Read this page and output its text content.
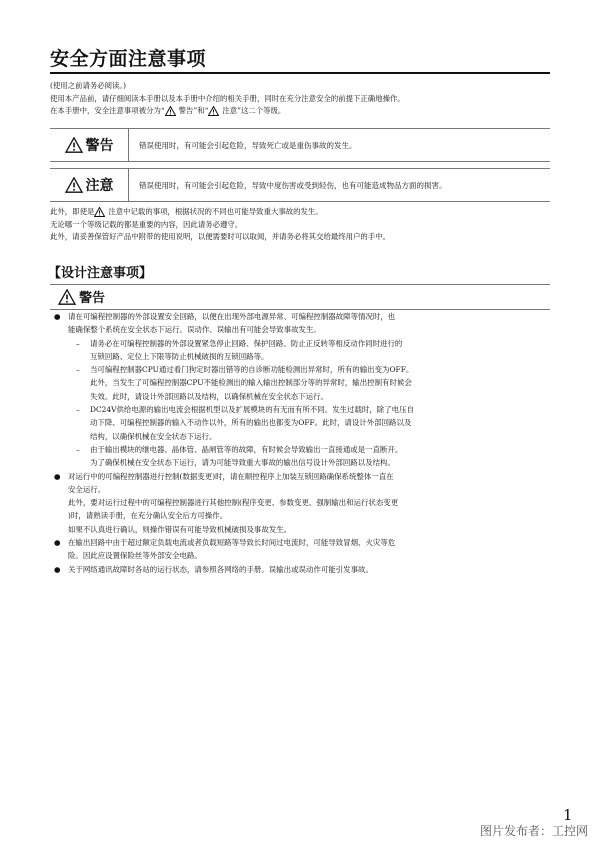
安全方面注意事项

(使用之前请务必阅读。)

使用本产品前，请仔细阅读本手册以及本手册中介绍的相关手册，同时在充分注意安全的前提下正确地操作。

在本手册中，安全注意事项被分为“ 警告”和“ 注意”这二个等级。

警告	错误使用时，有可能会引起危险，导致死亡或是重伤事故的发生。
注意	错误使用时，有可能会引起危险，导致中度伤害或受到轻伤，也有可能造成物品方面的损害。

此外，即使是 注意中记载的事项，根据状况的不同也可能导致重大事故的发生。

无论哪一个等级记载的都是重要的内容，因此请务必遵守。

此外，请妥善保管好产品中附带的使用说明，以便需要时可以取阅，并请务必将其交给最终用户的手中。

【设计注意事项】
警告
● 请在可编程控制器的外部设置安全回路，以便在出现外部电源异常、可编程控制器故障等情况时，也
能确保整个系统在安全状态下运行。误动作、误输出有可能会导致事故发生。
– 请务必在可编程控制器的外部设置紧急停止回路、保护回路、防止正反转等相反动作同时进行的
互锁回路、定位上下限等防止机械破损的互锁回路等。
– 当可编程控制器CPU通过看门狗定时器出错等的自诊断功能检测出异常时，所有的输出变为OFF。
此外，当发生了可编程控制器CPU不能检测出的输入输出控制部分等的异常时，输出控制有时候会
失效。此时，请设计外部回路以及结构，以确保机械在安全状态下运行。
– DC24V供给电源的输出电流会根据机型以及扩展模块的有无而有所不同。发生过载时，除了电压自
动下降、可编程控制器的输入不动作以外，所有的输出也都变为OFF。此时，请设计外部回路以及
结构，以确保机械在安全状态下运行。
– 由于输出模块的继电器、晶体管、晶闸管等的故障，有时候会导致输出一直接通或是一直断开。
为了确保机械在安全状态下运行，请为可能导致重大事故的输出信号设计外部回路以及结构。
● 对运行中的可编程控制器进行控制(数据变更)时，请在顺控程序上加装互锁回路确保系统整体一直在
安全运行。
此外，要对运行过程中的可编程控制器进行其他控制(程序变更、参数变更、强制输出和运行状态变更
)时，请熟读手册，在充分确认安全后方可操作。
如果不认真进行确认，则操作错误有可能导致机械破损及事故发生。
● 在输出回路中由于超过额定负载电流或者负载短路等导致长时间过电流时，可能导致冒烟、火灾等危
险。因此应设置保险丝等外部安全电路。
● 关于网络通讯故障时各站的运行状态，请参照各网络的手册。误输出或误动作可能引发事故。

1

图片发布者：工控网
